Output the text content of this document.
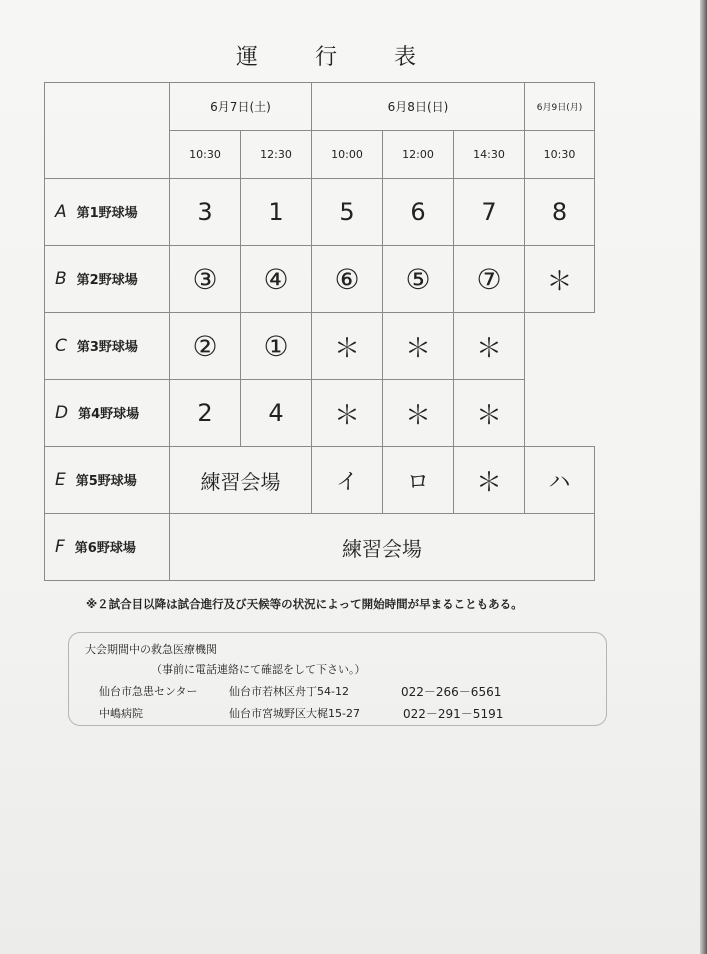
運	行	表
	6月7日(土)		6月8日(日)			6月9日(月)
	10:30	12:30	10:00	12:00	14:30	10:30
A 第1野球場	3	1	5	6	7	8
B 第2野球場	③	④	⑥	⑤	⑦	＊
C 第3野球場	②	①	＊	＊	＊	
D 第4野球場	2	4	＊	＊	＊	
E 第5野球場	練習会場		イ	ロ	＊	ハ
F 第6野球場	練習会場					
※２試合目以降は試合進行及び天候等の状況によって開始時間が早まることもある。
大会期間中の救急医療機関
（事前に電話連絡にて確認をして下さい。）
仙台市急患センター	仙台市若林区舟丁54-12	022－266－6561
中嶋病院	仙台市宮城野区大梶15-27	022－291－5191
